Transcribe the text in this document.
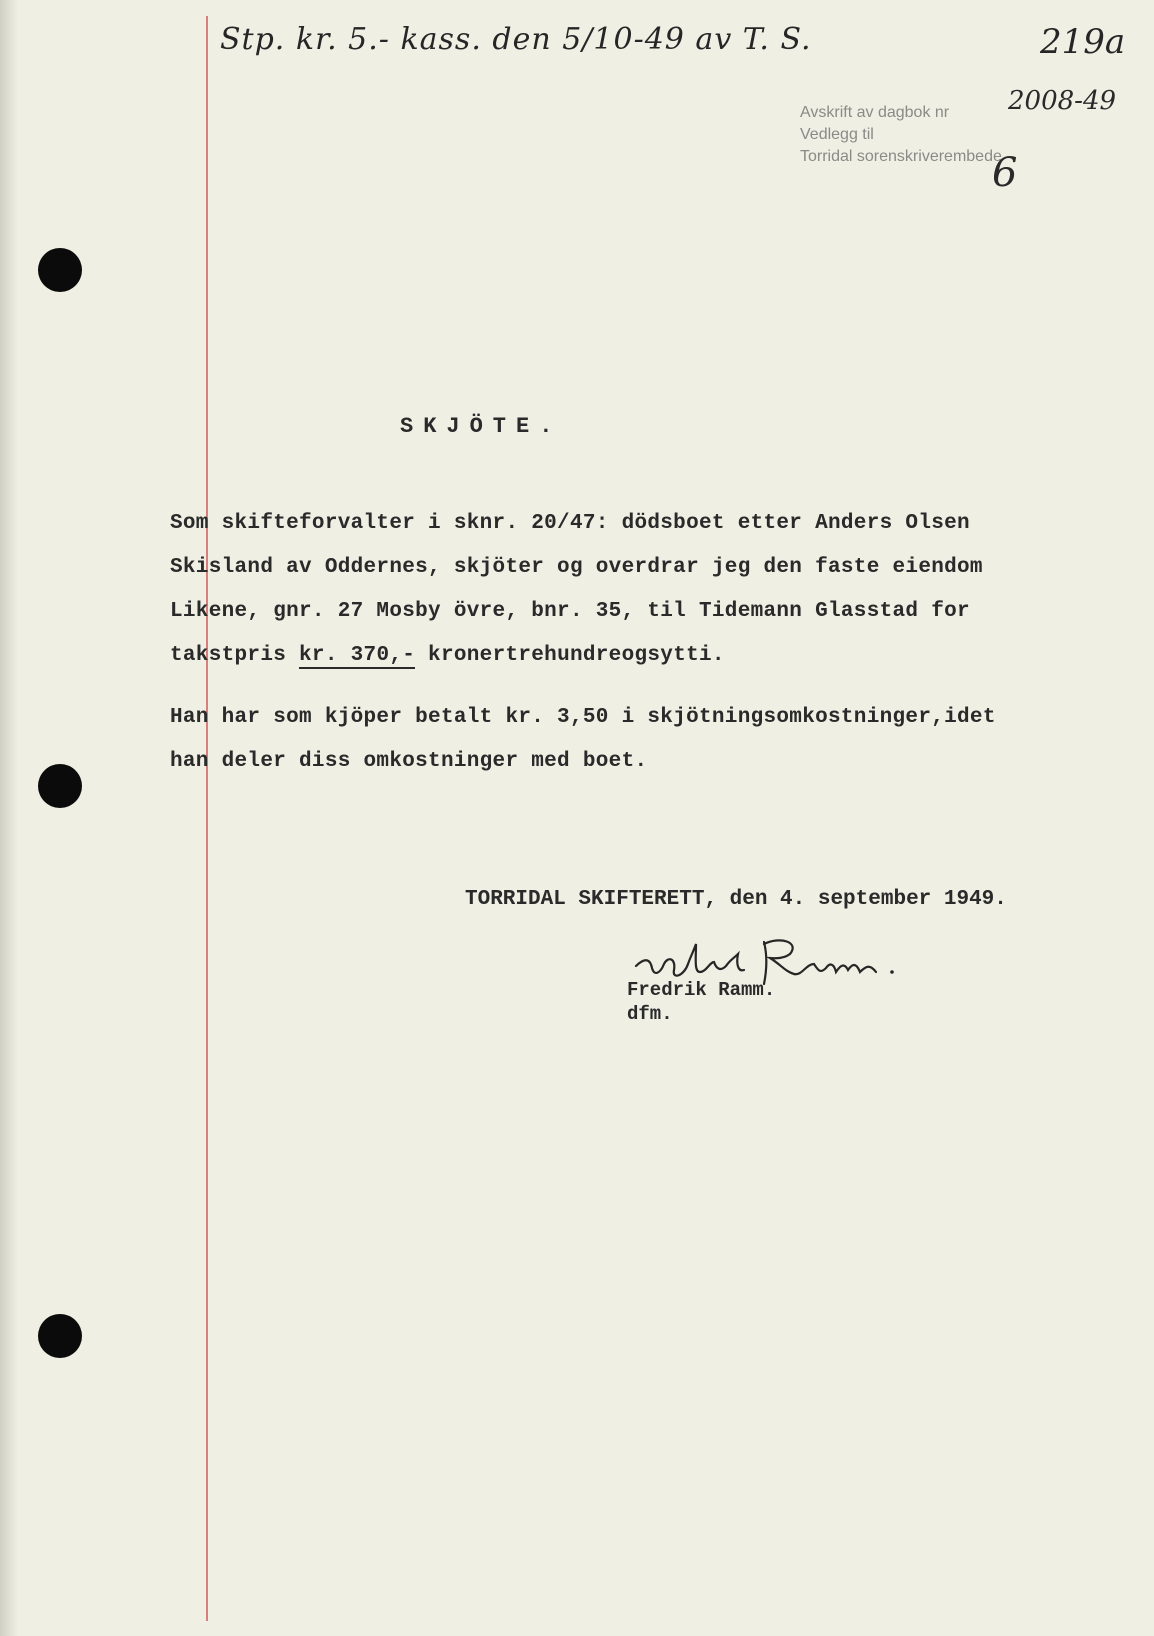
Stp. kr. 5.- kass. den 5/10-49 av T. S.	219a
Avskrift av dagbok nr
Vedlegg til
Torridal sorenskriverembede
2008-49
6
SKJÖTE.
Som skifteforvalter i sknr. 20/47: dödsboet etter Anders Olsen
Skisland av Oddernes, skjöter og overdrar jeg den faste eiendom
Likene, gnr. 27 Mosby övre, bnr. 35, til Tidemann Glasstad for
takstpris kr. 370,- kronertrehundreogsytti.
Han har som kjöper betalt kr. 3,50 i skjötningsomkostninger,idet
han deler diss omkostninger med boet.
TORRIDAL SKIFTERETT, den 4. september 1949.
Fredrik Ramm.
dfm.
